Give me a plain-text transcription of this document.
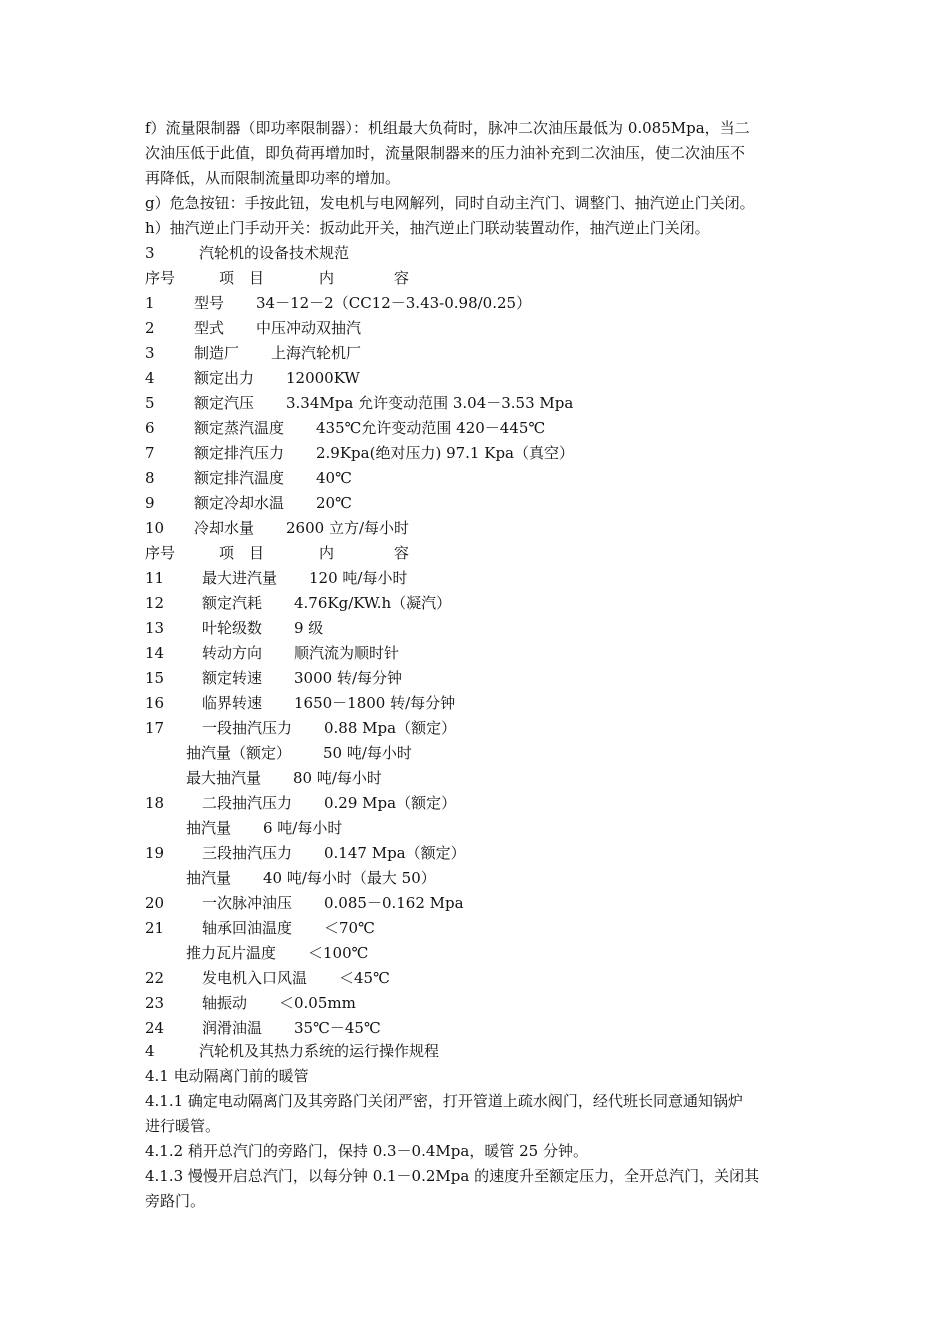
f）流量限制器（即功率限制器）：机组最大负荷时，脉冲二次油压最低为 0.085Mpa，当二
次油压低于此值，即负荷再增加时，流量限制器来的压力油补充到二次油压，使二次油压不
再降低，从而限制流量即功率的增加。
g）危急按钮：手按此钮，发电机与电网解列，同时自动主汽门、调整门、抽汽逆止门关闭。
h）抽汽逆止门手动开关：扳动此开关，抽汽逆止门联动装置动作，抽汽逆止门关闭。
3	汽轮机的设备技术规范
序号	项　目	内　　　　容
1	型号 34－12－2（CC12－3.43-0.98/0.25）
2	型式 中压冲动双抽汽
3	制造厂 上海汽轮机厂
4	额定出力 12000KW
5	额定汽压 3.34Mpa 允许变动范围 3.04－3.53 Mpa
6	额定蒸汽温度 435℃允许变动范围 420－445℃
7	额定排汽压力 2.9Kpa(绝对压力) 97.1 Kpa（真空）
8	额定排汽温度 40℃
9	额定冷却水温 20℃
10 冷却水量 2600 立方/每小时
序号	项　目	内　　　　容
11	最大进汽量 120 吨/每小时
12	额定汽耗 4.76Kg/KW.h（凝汽）
13	叶轮级数 9 级
14	转动方向 顺汽流为顺时针
15	额定转速 3000 转/每分钟
16	临界转速 1650－1800 转/每分钟
17	一段抽汽压力 0.88 Mpa（额定）
抽汽量（额定） 50 吨/每小时
最大抽汽量 80 吨/每小时
18	二段抽汽压力 0.29 Mpa（额定）
抽汽量 6 吨/每小时
19	三段抽汽压力 0.147 Mpa（额定）
抽汽量 40 吨/每小时（最大 50）
20	一次脉冲油压 0.085－0.162 Mpa
21	轴承回油温度 ＜70℃
推力瓦片温度 ＜100℃
22	发电机入口风温 ＜45℃
23	轴振动 ＜0.05mm
24	润滑油温 35℃－45℃
4	汽轮机及其热力系统的运行操作规程
4.1 电动隔离门前的暖管
4.1.1 确定电动隔离门及其旁路门关闭严密，打开管道上疏水阀门，经代班长同意通知锅炉
进行暖管。
4.1.2 稍开总汽门的旁路门，保持 0.3－0.4Mpa，暖管 25 分钟。
4.1.3 慢慢开启总汽门，以每分钟 0.1－0.2Mpa 的速度升至额定压力，全开总汽门，关闭其
旁路门。
